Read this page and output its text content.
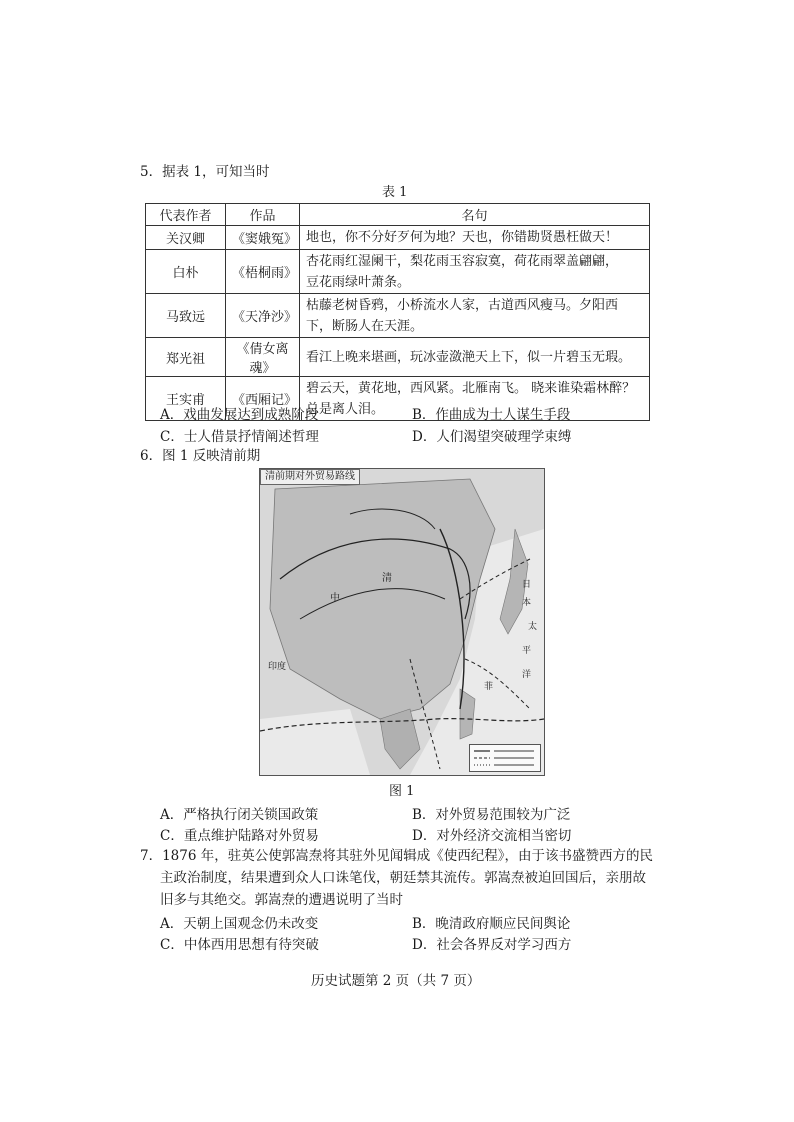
5．据表 1，可知当时
表 1
代表作者	作品	名句
关汉卿	《窦娥冤》	地也，你不分好歹何为地？天也，你错勘贤愚枉做天！
白朴	《梧桐雨》	杏花雨红湿阑干，梨花雨玉容寂寞，荷花雨翠盖翩翩，
豆花雨绿叶萧条。
马致远	《天净沙》	枯藤老树昏鸦，小桥流水人家，古道西风瘦马。夕阳西
下，断肠人在天涯。
郑光祖	《倩女离魂》	看江上晚来堪画，玩冰壶潋滟天上下，似一片碧玉无瑕。
王实甫	《西厢记》	碧云天，黄花地，西风紧。北雁南飞。 晓来谁染霜林醉？
总是离人泪。
A．戏曲发展达到成熟阶段	B．作曲成为士人谋生手段
C．士人借景抒情阐述哲理	D．人们渴望突破理学束缚
6．图 1 反映清前期
清前期对外贸易路线
清
中
印度
日
本
太
平
洋
菲
图 1
A．严格执行闭关锁国政策	B．对外贸易范围较为广泛
C．重点维护陆路对外贸易	D．对外经济交流相当密切
7．1876 年，驻英公使郭嵩焘将其驻外见闻辑成《使西纪程》，由于该书盛赞西方的民
主政治制度，结果遭到众人口诛笔伐，朝廷禁其流传。郭嵩焘被迫回国后，亲朋故
旧多与其绝交。郭嵩焘的遭遇说明了当时
A．天朝上国观念仍未改变	B．晚清政府顺应民间舆论
C．中体西用思想有待突破	D．社会各界反对学习西方
历史试题第 2 页（共 7 页）
